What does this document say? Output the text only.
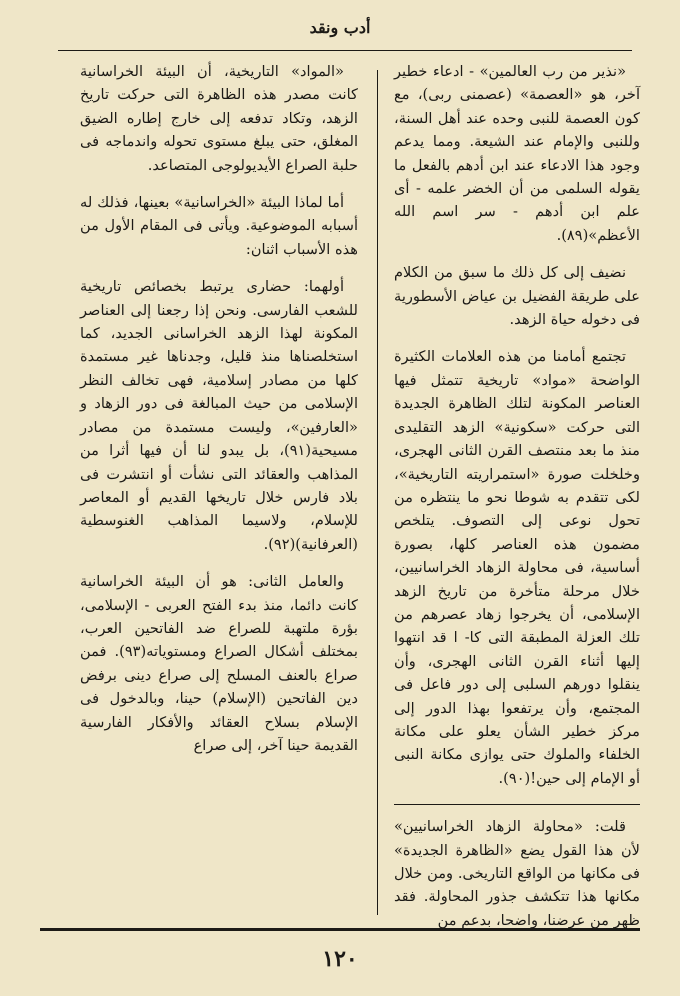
أدب ونقد

«نذير من رب العالمين» - ادعاء خطير آخر، هو «العصمة» (عصمنى ربى)، مع كون العصمة للنبى وحده عند أهل السنة، وللنبى والإمام عند الشيعة. ومما يدعم وجود هذا الادعاء عند ابن أدهم بالفعل ما يقوله السلمى من أن الخضر علمه - أى علم ابن أدهم - سر اسم الله الأعظم»(٨٩).

نضيف إلى كل ذلك ما سبق من الكلام على طريقة الفضيل بن عياض الأسطورية فى دخوله حياة الزهد.

تجتمع أمامنا من هذه العلامات الكثيرة الواضحة «مواد» تاريخية تتمثل فيها العناصر المكونة لتلك الظاهرة الجديدة التى حركت «سكونية» الزهد التقليدى منذ ما بعد منتصف القرن الثانى الهجرى، وخلخلت صورة «استمراريته التاريخية»، لكى تتقدم به شوطا نحو ما ينتظره من تحول نوعى إلى التصوف. يتلخص مضمون هذه العناصر كلها، بصورة أساسية، فى محاولة الزهاد الخراسانيين، خلال مرحلة متأخرة من تاريخ الزهد الإسلامى، أن يخرجوا زهاد عصرهم من تلك العزلة المطبقة التى كا- ا قد انتهوا إليها أثناء القرن الثانى الهجرى، وأن ينقلوا دورهم السلبى إلى دور فاعل فى المجتمع، وأن يرتفعوا بهذا الدور إلى مركز خطير الشأن يعلو على مكانة الخلفاء والملوك حتى يوازى مكانة النبى أو الإمام إلى حين!(٩٠).

قلت: «محاولة الزهاد الخراسانيين» لأن هذا القول يضع «الظاهرة الجديدة» فى مكانها من الواقع التاريخى. ومن خلال مكانها هذا تتكشف جذور المحاولة. فقد ظهر من عرضنا، واضحا، بدعم من

«المواد» التاريخية، أن البيئة الخراسانية كانت مصدر هذه الظاهرة التى حركت تاريخ الزهد، وتكاد تدفعه إلى خارج إطاره الضيق المغلق، حتى يبلغ مستوى تحوله واندماجه فى حلبة الصراع الأيديولوجى المتصاعد.

أما لماذا البيئة «الخراسانية» بعينها، فذلك له أسبابه الموضوعية. ويأتى فى المقام الأول من هذه الأسباب اثنان:

أولهما: حضارى يرتبط بخصائص تاريخية للشعب الفارسى. ونحن إذا رجعنا إلى العناصر المكونة لهذا الزهد الخراسانى الجديد، كما استخلصناها منذ قليل، وجدناها غير مستمدة كلها من مصادر إسلامية، فهى تخالف النظر الإسلامى من حيث المبالغة فى دور الزهاد و «العارفين»، وليست مستمدة من مصادر مسيحية(٩١)، بل يبدو لنا أن فيها أثرا من المذاهب والعقائد التى نشأت أو انتشرت فى بلاد فارس خلال تاريخها القديم أو المعاصر للإسلام، ولاسيما المذاهب الغنوسطية (العرفانية)(٩٢).

والعامل الثانى: هو أن البيئة الخراسانية كانت دائما، منذ بدء الفتح العربى - الإسلامى، بؤرة ملتهبة للصراع ضد الفاتحين العرب، بمختلف أشكال الصراع ومستوياته(٩٣). فمن صراع بالعنف المسلح إلى صراع دينى برفض دين الفاتحين (الإسلام) حينا، وبالدخول فى الإسلام بسلاح العقائد والأفكار الفارسية القديمة حينا آخر، إلى صراع

١٢٠
